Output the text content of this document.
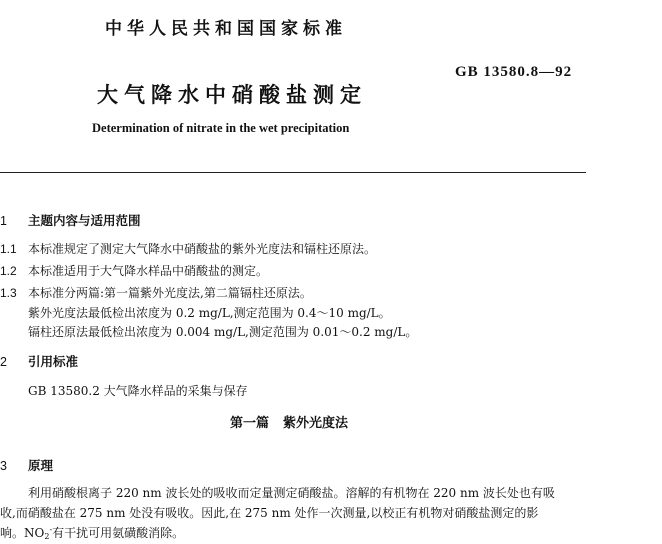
中华人民共和国国家标准
GB 13580.8—92
大气降水中硝酸盐测定
Determination of nitrate in the wet precipitation
1 主题内容与适用范围
1.1 本标准规定了测定大气降水中硝酸盐的紫外光度法和镉柱还原法。
1.2 本标准适用于大气降水样品中硝酸盐的测定。
1.3 本标准分两篇:第一篇紫外光度法,第二篇镉柱还原法。
紫外光度法最低检出浓度为 0.2 mg/L,测定范围为 0.4～10 mg/L。
镉柱还原法最低检出浓度为 0.004 mg/L,测定范围为 0.01～0.2 mg/L。
2 引用标准
GB 13580.2 大气降水样品的采集与保存
第一篇 紫外光度法
3 原理
利用硝酸根离子 220 nm 波长处的吸收而定量测定硝酸盐。溶解的有机物在 220 nm 波长处也有吸
收,而硝酸盐在 275 nm 处没有吸收。因此,在 275 nm 处作一次测量,以校正有机物对硝酸盐测定的影
响。$NO_2^-$有干扰可用氨磺酸消除。
